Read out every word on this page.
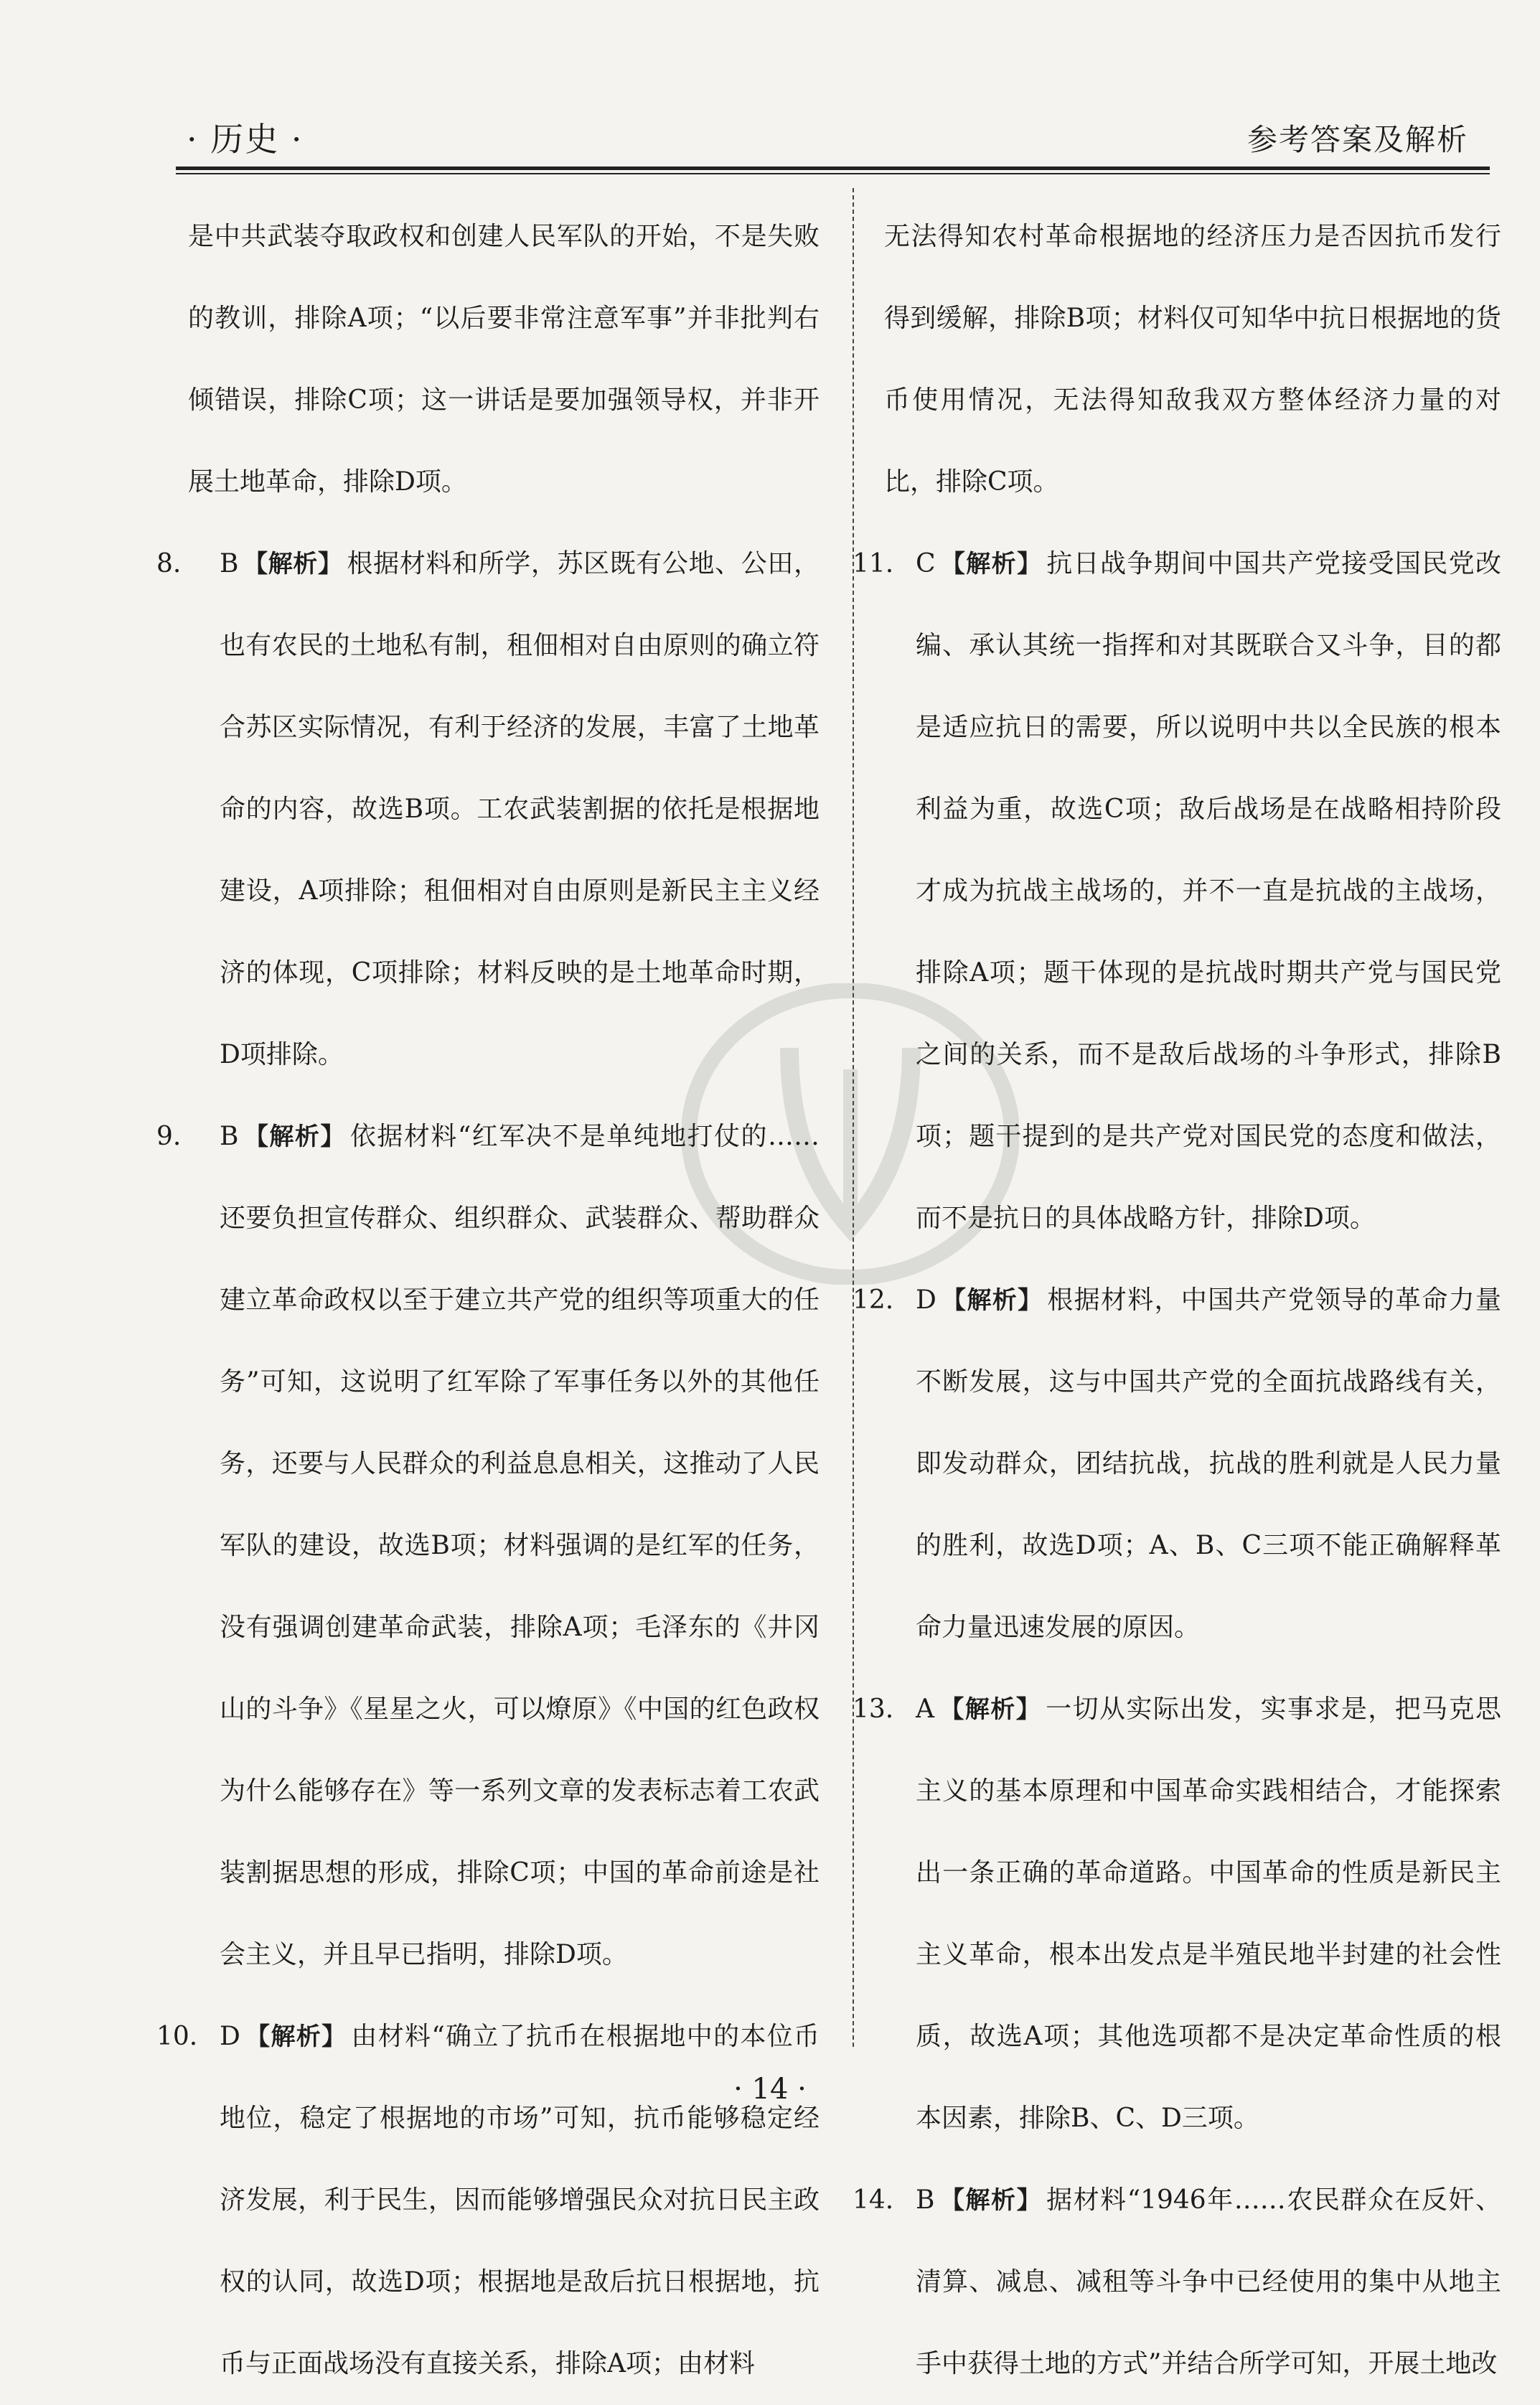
· 历史 ·	参考答案及解析

是中共武装夺取政权和创建人民军队的开始，不是失败的教训，排除A项；“以后要非常注意军事”并非批判右倾错误，排除C项；这一讲话是要加强领导权，并非开展土地革命，排除D项。

8. B 【解析】 根据材料和所学，苏区既有公地、公田，也有农民的土地私有制，租佃相对自由原则的确立符合苏区实际情况，有利于经济的发展，丰富了土地革命的内容，故选B项。工农武装割据的依托是根据地建设，A项排除；租佃相对自由原则是新民主主义经济的体现，C项排除；材料反映的是土地革命时期，D项排除。

9. B 【解析】 依据材料“红军决不是单纯地打仗的……还要负担宣传群众、组织群众、武装群众、帮助群众建立革命政权以至于建立共产党的组织等项重大的任务”可知，这说明了红军除了军事任务以外的其他任务，还要与人民群众的利益息息相关，这推动了人民军队的建设，故选B项；材料强调的是红军的任务，没有强调创建革命武装，排除A项；毛泽东的《井冈山的斗争》《星星之火，可以燎原》《中国的红色政权为什么能够存在》等一系列文章的发表标志着工农武装割据思想的形成，排除C项；中国的革命前途是社会主义，并且早已指明，排除D项。

10. D 【解析】 由材料“确立了抗币在根据地中的本位币地位，稳定了根据地的市场”可知，抗币能够稳定经济发展，利于民生，因而能够增强民众对抗日民主政权的认同，故选D项；根据地是敌后抗日根据地，抗币与正面战场没有直接关系，排除A项；由材料

无法得知农村革命根据地的经济压力是否因抗币发行得到缓解，排除B项；材料仅可知华中抗日根据地的货币使用情况，无法得知敌我双方整体经济力量的对比，排除C项。

11. C 【解析】 抗日战争期间中国共产党接受国民党改编、承认其统一指挥和对其既联合又斗争，目的都是适应抗日的需要，所以说明中共以全民族的根本利益为重，故选C项；敌后战场是在战略相持阶段才成为抗战主战场的，并不一直是抗战的主战场，排除A项；题干体现的是抗战时期共产党与国民党之间的关系，而不是敌后战场的斗争形式，排除B项；题干提到的是共产党对国民党的态度和做法，而不是抗日的具体战略方针，排除D项。

12. D 【解析】 根据材料，中国共产党领导的革命力量不断发展，这与中国共产党的全面抗战路线有关，即发动群众，团结抗战，抗战的胜利就是人民力量的胜利，故选D项；A、B、C三项不能正确解释革命力量迅速发展的原因。

13. A 【解析】 一切从实际出发，实事求是，把马克思主义的基本原理和中国革命实践相结合，才能探索出一条正确的革命道路。中国革命的性质是新民主主义革命，根本出发点是半殖民地半封建的社会性质，故选A项；其他选项都不是决定革命性质的根本因素，排除B、C、D三项。

14. B 【解析】 据材料“1946年……农民群众在反奸、清算、减息、减租等斗争中已经使用的集中从地主手中获得土地的方式”并结合所学可知，开展土地改

· 14 ·
